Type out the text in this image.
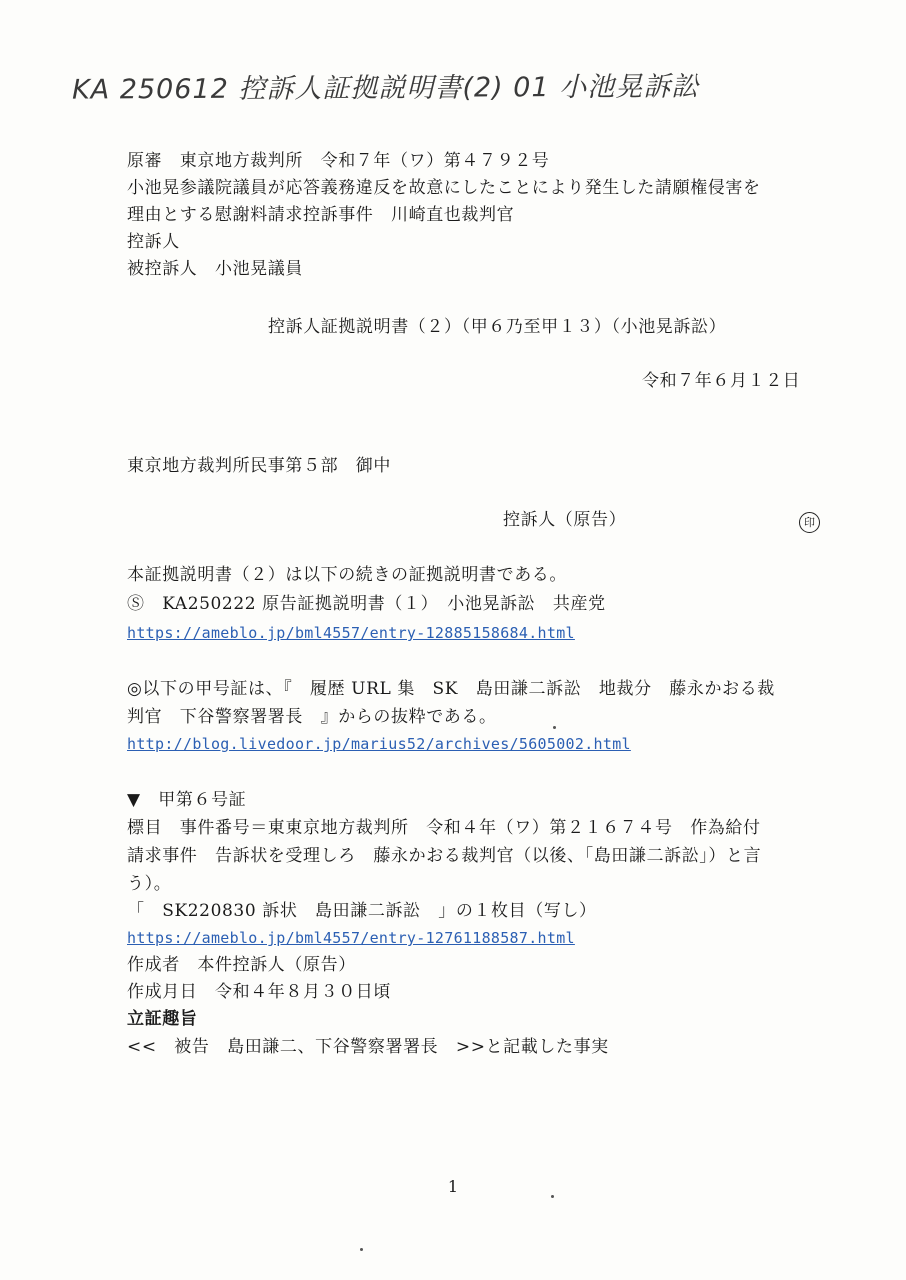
KA 250612 控訴人証拠説明書(2) 01 小池晃訴訟
原審　東京地方裁判所　令和７年（ワ）第４７９２号
小池晃参議院議員が応答義務違反を故意にしたことにより発生した請願権侵害を
理由とする慰謝料請求控訴事件　川崎直也裁判官
控訴人
被控訴人　小池晃議員
控訴人証拠説明書（２）（甲６乃至甲１３）（小池晃訴訟）
令和７年６月１２日
東京地方裁判所民事第５部　御中
控訴人（原告）	印
本証拠説明書（２）は以下の続きの証拠説明書である。
Ⓢ　KA250222 原告証拠説明書（１）　小池晃訴訟　共産党
https://ameblo.jp/bml4557/entry-12885158684.html
◎以下の甲号証は、『　履歴 URL 集　SK　島田謙二訴訟　地裁分　藤永かおる裁
判官　下谷警察署署長　』からの抜粋である。
http://blog.livedoor.jp/marius52/archives/5605002.html
▼　甲第６号証
標目　事件番号＝東東京地方裁判所　令和４年（ワ）第２１６７４号　作為給付
請求事件　告訴状を受理しろ　藤永かおる裁判官（以後、「島田謙二訴訟」）と言
う）。
「　SK220830 訴状　島田謙二訴訟　」の１枚目（写し）
https://ameblo.jp/bml4557/entry-12761188587.html
作成者　本件控訴人（原告）
作成月日　令和４年８月３０日頃
立証趣旨
<<　被告　島田謙二、下谷警察署署長　>>と記載した事実
1
